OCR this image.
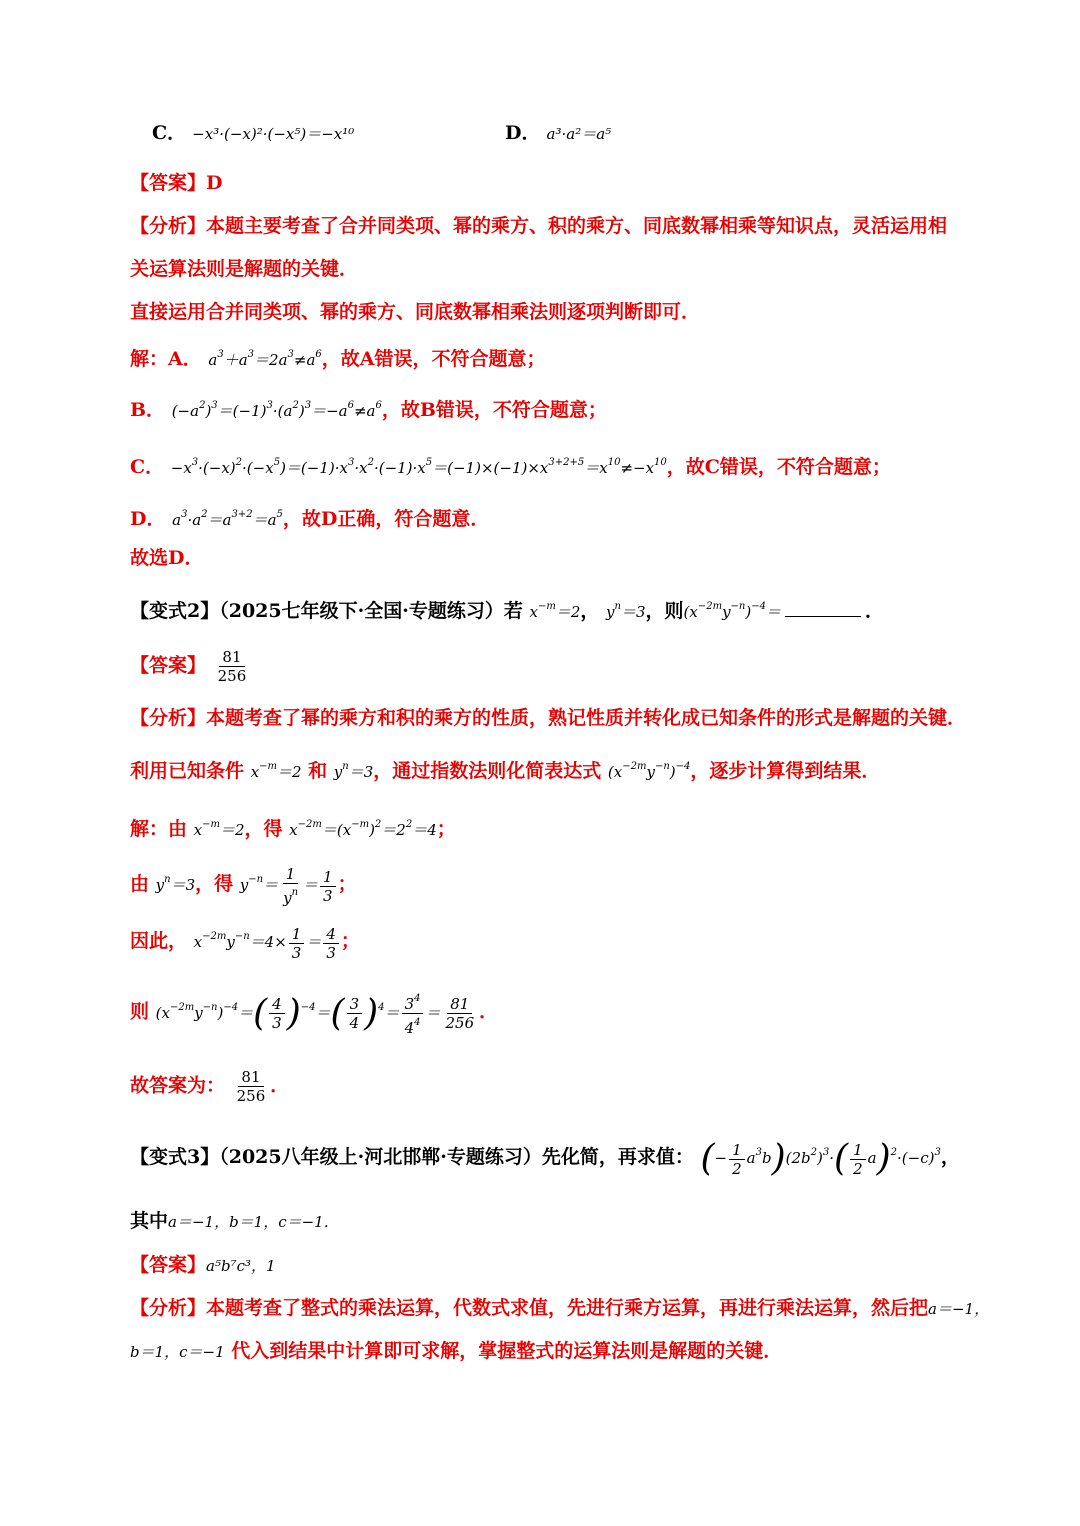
C． −x³·(−x)²·(−x⁵)＝−x¹⁰	D． a³·a²＝a⁵
【答案】D
【分析】本题主要考查了合并同类项、幂的乘方、积的乘方、同底数幂相乘等知识点，灵活运用相
关运算法则是解题的关键．
直接运用合并同类项、幂的乘方、同底数幂相乘法则逐项判断即可．
解：A． $a^3+a^3=2a^3\ne a^6$，故A错误，不符合题意；
B． $(-a^2)^3=(-1)^3\cdot(a^2)^3=-a^6\ne a^6$，故B错误，不符合题意；
C． $-x^3\cdot(-x)^2\cdot(-x^5)=(-1)\cdot x^3\cdot x^2\cdot(-1)\cdot x^5=(-1)\times(-1)\times x^{3+2+5}=x^{10}\ne-x^{10}$，故C错误，不符合题意；
D． $a^3\cdot a^2=a^{3+2}=a^5$，故D正确，符合题意．
故选D．
【变式2】（2025七年级下·全国·专题练习）若 $x^{-m}=2$， $y^n=3$，则$(x^{-2m}y^{-n})^{-4}=$	．
【答案】 $\frac{81}{256}$
【分析】本题考查了幂的乘方和积的乘方的性质，熟记性质并转化成已知条件的形式是解题的关键．
利用已知条件 $x^{-m}=2$ 和 $y^n=3$，通过指数法则化简表达式 $(x^{-2m}y^{-n})^{-4}$，逐步计算得到结果．
解：由 $x^{-m}=2$，得 $x^{-2m}=(x^{-m})^2=2^2=4$；
由 $y^n=3$，得 $y^{-n}= \frac{1}{y^n} = \frac{1}{3}$ ；
因此， $x^{-2m}y^{-n}=4\times \frac{1}{3} = \frac{4}{3}$ ；
则 $(x^{-2m}y^{-n})^{-4}=( \frac{4}{3} )^{-4}=( \frac{3}{4} )^4= \frac{3^4}{4^4} = \frac{81}{256}$ ．
故答案为： $\frac{81}{256}$ ．
【变式3】（2025八年级上·河北邯郸·专题练习）先化简，再求值： (− $\frac{1}{2} a^3b)(2b^2)^3\cdot( \frac{1}{2} a)^2\cdot(-c)^3$，
其中a＝−1，b＝1，c＝−1．
【答案】a⁵b⁷c³，1
【分析】本题考查了整式的乘法运算，代数式求值，先进行乘方运算，再进行乘法运算，然后把a＝−1，
b＝1，c＝−1 代入到结果中计算即可求解，掌握整式的运算法则是解题的关键．
